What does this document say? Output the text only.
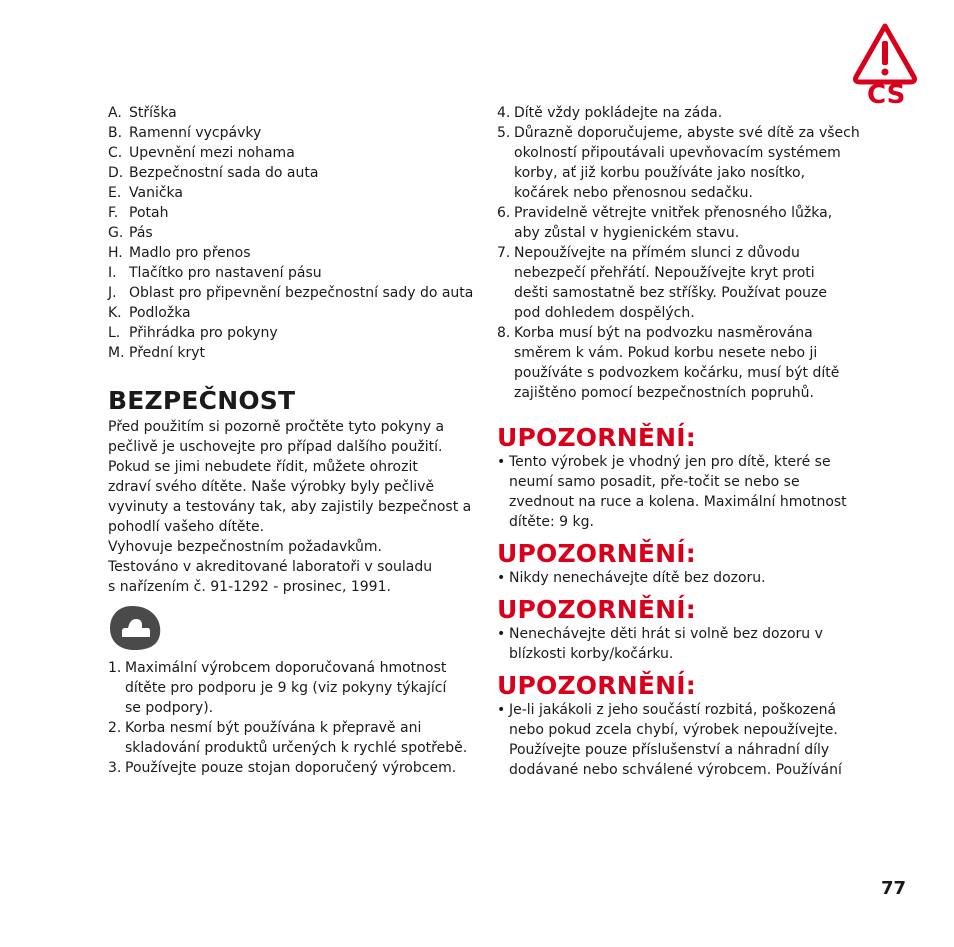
CS
A. Stříška
B. Ramenní vycpávky
C. Upevnění mezi nohama
D. Bezpečnostní sada do auta
E. Vanička
F. Potah
G. Pás
H. Madlo pro přenos
I. Tlačítko pro nastavení pásu
J. Oblast pro připevnění bezpečnostní sady do auta
K. Podložka
L. Přihrádka pro pokyny
M. Přední kryt
BEZPEČNOST

Před použitím si pozorně pročtěte tyto pokyny a

pečlivě je uschovejte pro případ dalšího použití.

Pokud se jimi nebudete řídit, můžete ohrozit

zdraví svého dítěte. Naše výrobky byly pečlivě

vyvinuty a testovány tak, aby zajistily bezpečnost a

pohodlí vašeho dítěte.

Vyhovuje bezpečnostním požadavkům.

Testováno v akreditované laboratoři v souladu

s nařízením č. 91-1292 - prosinec, 1991.

1. Maximální výrobcem doporučovaná hmotnost
dítěte pro podporu je 9 kg (viz pokyny týkající
se podpory).
2. Korba nesmí být používána k přepravě ani
skladování produktů určených k rychlé spotřebě.
3. Používejte pouze stojan doporučený výrobcem.
4. Dítě vždy pokládejte na záda.
5. Důrazně doporučujeme, abyste své dítě za všech
okolností připoutávali upevňovacím systémem
korby, ať již korbu používáte jako nosítko,
kočárek nebo přenosnou sedačku.
6. Pravidelně větrejte vnitřek přenosného lůžka,
aby zůstal v hygienickém stavu.
7. Nepoužívejte na přímém slunci z důvodu
nebezpečí přehřátí. Nepoužívejte kryt proti
dešti samostatně bez stříšky. Používat pouze
pod dohledem dospělých.
8. Korba musí být na podvozku nasměrována
směrem k vám. Pokud korbu nesete nebo ji
používáte s podvozkem kočárku, musí být dítě
zajištěno pomocí bezpečnostních popruhů.
UPOZORNĚNÍ:
• Tento výrobek je vhodný jen pro dítě, které se
neumí samo posadit, pře-točit se nebo se
zvednout na ruce a kolena. Maximální hmotnost
dítěte: 9 kg.
UPOZORNĚNÍ:
• Nikdy nenechávejte dítě bez dozoru.
UPOZORNĚNÍ:
• Nenechávejte děti hrát si volně bez dozoru v
blízkosti korby/kočárku.
UPOZORNĚNÍ:
• Je-li jakákoli z jeho součástí rozbitá, poškozená
nebo pokud zcela chybí, výrobek nepoužívejte.
Používejte pouze příslušenství a náhradní díly
dodávané nebo schválené výrobcem. Používání
77
